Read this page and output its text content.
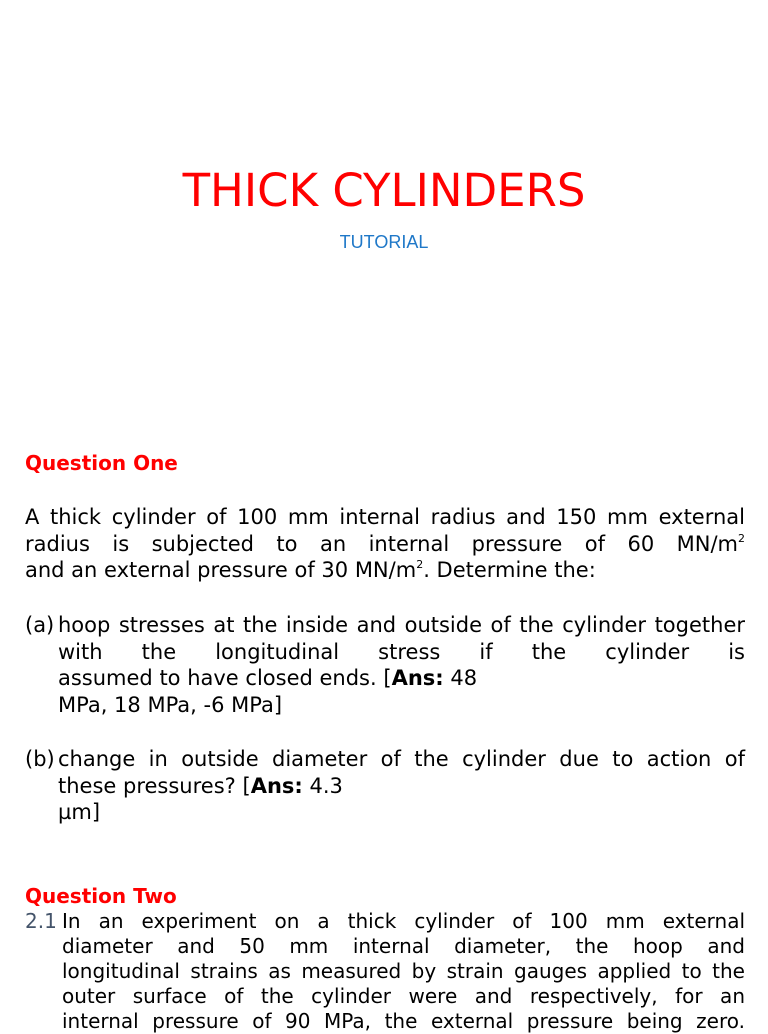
THICK CYLINDERS
TUTORIAL
Question One
A thick cylinder of 100 mm internal radius and 150 mm external radius is subjected to an internal pressure of 60 $MN/m^2$
and an external pressure of 30 $MN/m^2$. Determine the:
(a) hoop stresses at the inside and outside of the cylinder together with the longitudinal stress if the cylinder is
assumed to have closed ends. [Ans: 48
MPa, 18 MPa, -6 MPa]
(b) change in outside diameter of the cylinder due to action of
these pressures? [Ans: 4.3
µm]
Question Two
2.1 In an experiment on a thick cylinder of 100 mm external
diameter and 50 mm internal diameter, the hoop and
longitudinal strains as measured by strain gauges applied to the
outer surface of the cylinder were and respectively, for an
internal pressure of 90 MPa, the external pressure being zero.
